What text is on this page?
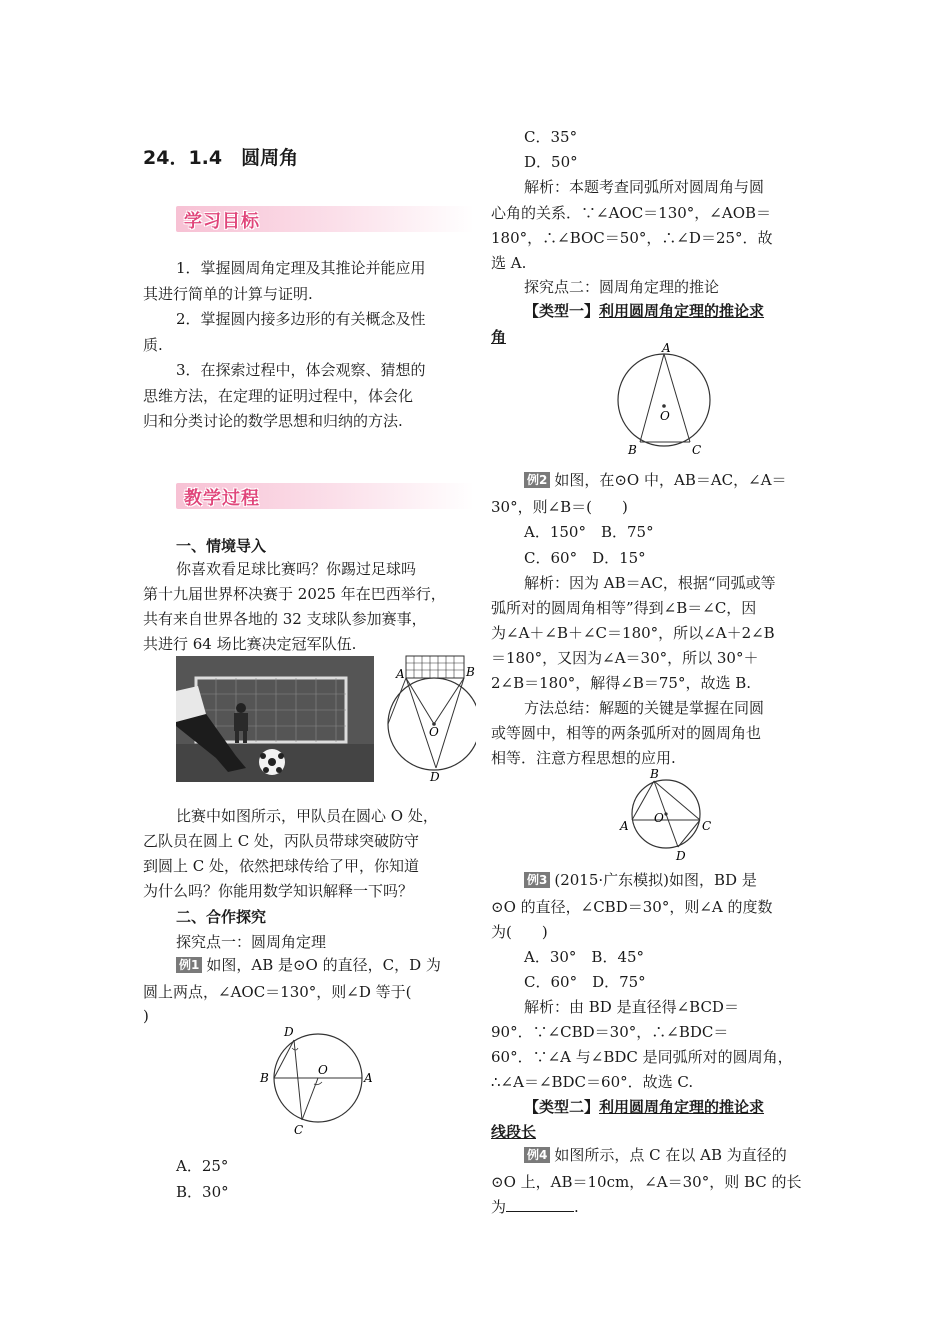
24．1.4　圆周角
学习目标
1．掌握圆周角定理及其推论并能应用
其进行简单的计算与证明.
2．掌握圆内接多边形的有关概念及性
质.
3．在探索过程中，体会观察、猜想的
思维方法，在定理的证明过程中，体会化
归和分类讨论的数学思想和归纳的方法.
教学过程
一、情境导入
你喜欢看足球比赛吗？你踢过足球吗
第十九届世界杯决赛于 2025 年在巴西举行，
共有来自世界各地的 32 支球队参加赛事，
共进行 64 场比赛决定冠军队伍.
A	B
O
D
比赛中如图所示，甲队员在圆心 O 处，
乙队员在圆上 C 处，丙队员带球突破防守
到圆上 C 处，依然把球传给了甲，你知道
为什么吗？你能用数学知识解释一下吗？
二、合作探究
探究点一：圆周角定理
例1 如图，AB 是⊙O 的直径，C，D 为
圆上两点，∠AOC＝130°，则∠D 等于(
)
D
B
O
A
C
A．25°
B．30°
C．35°
D．50°
解析：本题考查同弧所对圆周角与圆
心角的关系．∵∠AOC＝130°，∠AOB＝
180°，∴∠BOC＝50°，∴∠D＝25°．故
选 A.
探究点二：圆周角定理的推论
【类型一】利用圆周角定理的推论求
角
A
O
B	C
例2 如图，在⊙O 中，AB＝AC，∠A＝
30°，则∠B＝(　　)
A．150°　B．75°
C．60°　D．15°
解析：因为 AB＝AC，根据“同弧或等
弧所对的圆周角相等”得到∠B＝∠C，因
为∠A＋∠B＋∠C＝180°，所以∠A＋2∠B
＝180°，又因为∠A＝30°，所以 30°＋
2∠B＝180°，解得∠B＝75°，故选 B.
方法总结：解题的关键是掌握在同圆
或等圆中，相等的两条弧所对的圆周角也
相等．注意方程思想的应用.
B
A
O
C
D
例3 (2015·广东模拟)如图，BD 是
⊙O 的直径，∠CBD＝30°，则∠A 的度数
为(　　)
A．30°　B．45°
C．60°　D．75°
解析：由 BD 是直径得∠BCD＝
90°．∵∠CBD＝30°，∴∠BDC＝
60°．∵∠A 与∠BDC 是同弧所对的圆周角，
∴∠A＝∠BDC＝60°．故选 C.
【类型二】利用圆周角定理的推论求
线段长
例4 如图所示，点 C 在以 AB 为直径的
⊙O 上，AB＝10cm，∠A＝30°，则 BC 的长
为	.
